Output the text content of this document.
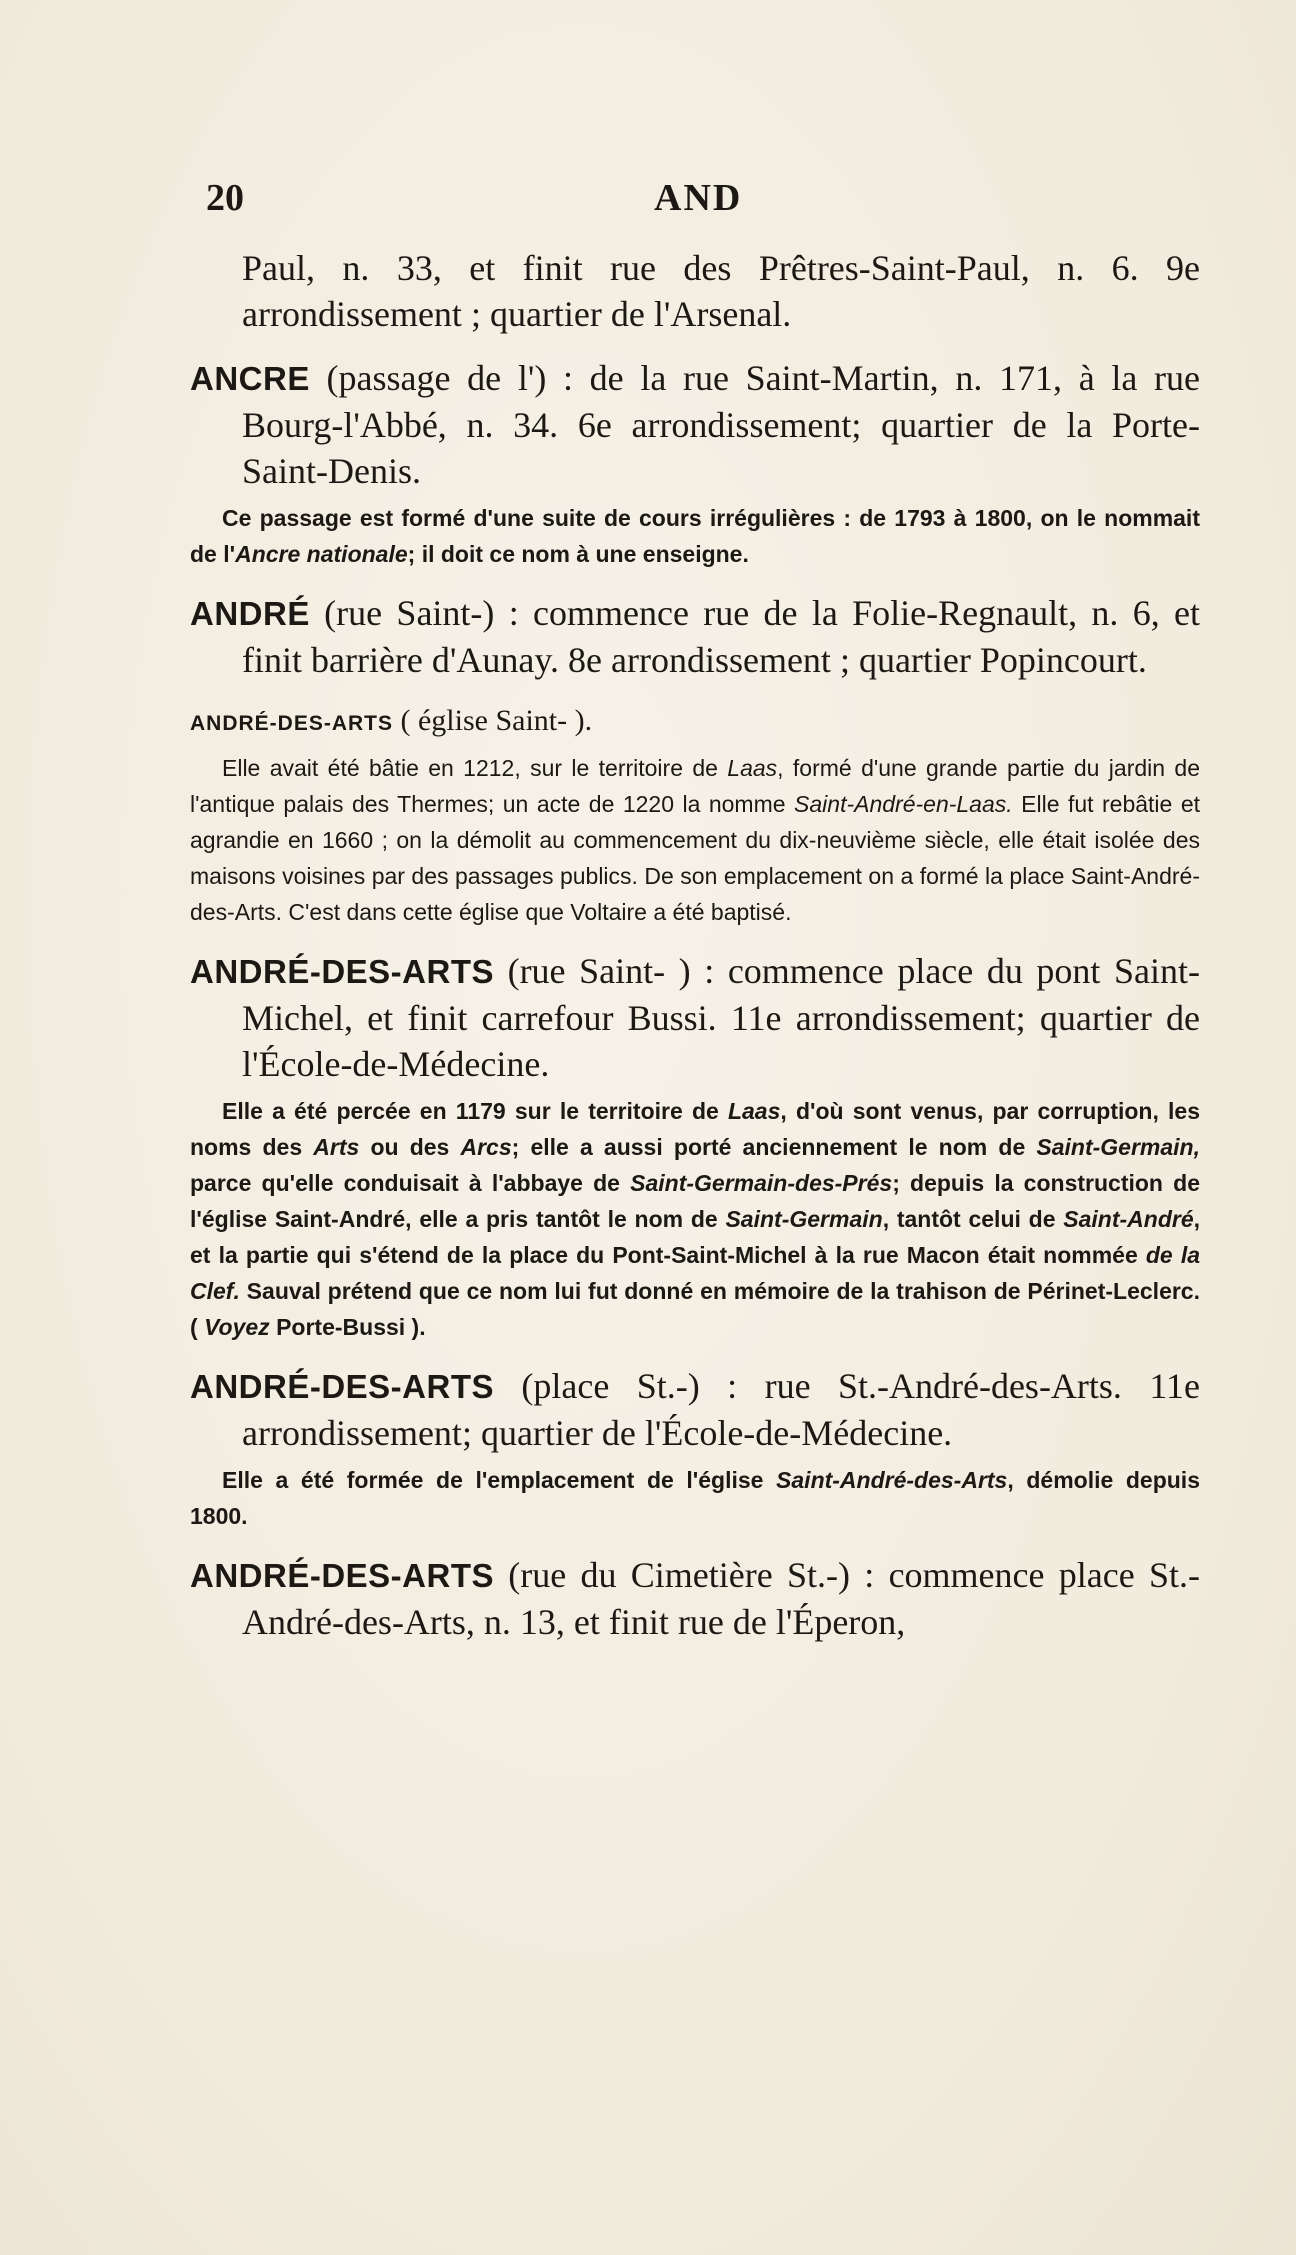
20	AND

Paul, n. 33, et finit rue des Prêtres-Saint-Paul, n. 6. 9e arrondissement ; quartier de l'Arsenal.

ANCRE (passage de l') : de la rue Saint-Martin, n. 171, à la rue Bourg-l'Abbé, n. 34. 6e arrondissement; quartier de la Porte-Saint-Denis.

Ce passage est formé d'une suite de cours irrégulières : de 1793 à 1800, on le nommait de l'Ancre nationale; il doit ce nom à une enseigne.

ANDRÉ (rue Saint-) : commence rue de la Folie-Regnault, n. 6, et finit barrière d'Aunay. 8e arrondissement ; quartier Popincourt.

ANDRÉ-DES-ARTS ( église Saint- ).

Elle avait été bâtie en 1212, sur le territoire de Laas, formé d'une grande partie du jardin de l'antique palais des Thermes; un acte de 1220 la nomme Saint-André-en-Laas. Elle fut rebâtie et agrandie en 1660 ; on la démolit au commencement du dix-neuvième siècle, elle était isolée des maisons voisines par des passages publics. De son emplacement on a formé la place Saint-André-des-Arts. C'est dans cette église que Voltaire a été baptisé.

ANDRÉ-DES-ARTS (rue Saint- ) : commence place du pont Saint-Michel, et finit carrefour Bussi. 11e arrondissement; quartier de l'École-de-Médecine.

Elle a été percée en 1179 sur le territoire de Laas, d'où sont venus, par corruption, les noms des Arts ou des Arcs; elle a aussi porté anciennement le nom de Saint-Germain, parce qu'elle conduisait à l'abbaye de Saint-Germain-des-Prés; depuis la construction de l'église Saint-André, elle a pris tantôt le nom de Saint-Germain, tantôt celui de Saint-André, et la partie qui s'étend de la place du Pont-Saint-Michel à la rue Macon était nommée de la Clef. Sauval prétend que ce nom lui fut donné en mémoire de la trahison de Périnet-Leclerc. ( Voyez Porte-Bussi ).

ANDRÉ-DES-ARTS (place St.-) : rue St.-André-des-Arts. 11e arrondissement; quartier de l'École-de-Médecine.

Elle a été formée de l'emplacement de l'église Saint-André-des-Arts, démolie depuis 1800.

ANDRÉ-DES-ARTS (rue du Cimetière St.-) : commence place St.-André-des-Arts, n. 13, et finit rue de l'Éperon,
